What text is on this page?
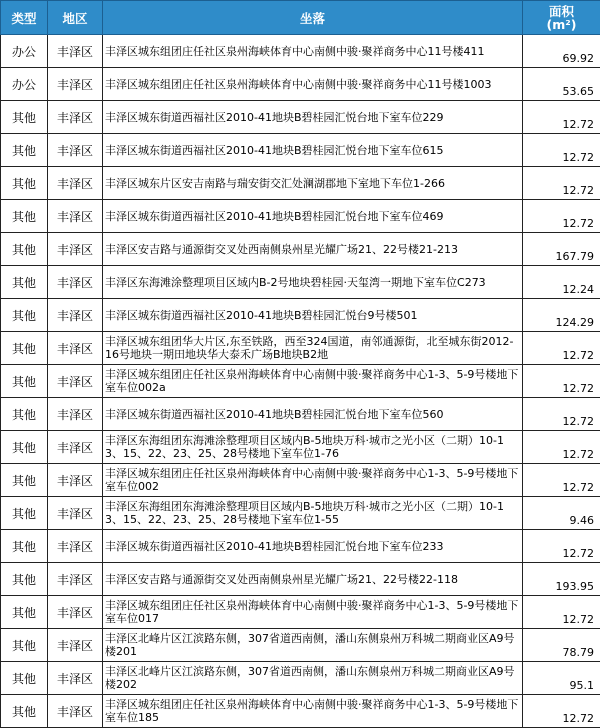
类型	地区	坐落	面积
(m²)
办公	丰泽区	丰泽区城东组团庄任社区泉州海峡体育中心南侧中骏·聚祥商务中心11号楼411	69.92
办公	丰泽区	丰泽区城东组团庄任社区泉州海峡体育中心南侧中骏·聚祥商务中心11号楼1003	53.65
其他	丰泽区	丰泽区城东街道西福社区2010-41地块B碧桂园汇悦台地下室车位229	12.72
其他	丰泽区	丰泽区城东街道西福社区2010-41地块B碧桂园汇悦台地下室车位615	12.72
其他	丰泽区	丰泽区城东片区安吉南路与瑞安街交汇处澜湖郡地下室地下车位1-266	12.72
其他	丰泽区	丰泽区城东街道西福社区2010-41地块B碧桂园汇悦台地下室车位469	12.72
其他	丰泽区	丰泽区安吉路与通源街交叉处西南侧泉州星光耀广场21、22号楼21-213	167.79
其他	丰泽区	丰泽区东海滩涂整理项目区域内B-2号地块碧桂园·天玺湾一期地下室车位C273	12.24
其他	丰泽区	丰泽区城东街道西福社区2010-41地块B碧桂园汇悦台9号楼501	124.29
其他	丰泽区	丰泽区城东组团华大片区,东至铁路，西至324国道，南邻通源街，北至城东街2012-16号地块一期田地块华大泰禾广场B地块B2地	12.72
其他	丰泽区	丰泽区城东组团庄任社区泉州海峡体育中心南侧中骏·聚祥商务中心1-3、5-9号楼地下室车位002a	12.72
其他	丰泽区	丰泽区城东街道西福社区2010-41地块B碧桂园汇悦台地下室车位560	12.72
其他	丰泽区	丰泽区东海组团东海滩涂整理项目区域内B-5地块万科·城市之光小区（二期）10-13、15、22、23、25、28号楼地下室车位1-76	12.72
其他	丰泽区	丰泽区城东组团庄任社区泉州海峡体育中心南侧中骏·聚祥商务中心1-3、5-9号楼地下室车位002	12.72
其他	丰泽区	丰泽区东海组团东海滩涂整理项目区域内B-5地块万科·城市之光小区（二期）10-13、15、22、23、25、28号楼地下室车位1-55	9.46
其他	丰泽区	丰泽区城东街道西福社区2010-41地块B碧桂园汇悦台地下室车位233	12.72
其他	丰泽区	丰泽区安吉路与通源街交叉处西南侧泉州星光耀广场21、22号楼22-118	193.95
其他	丰泽区	丰泽区城东组团庄任社区泉州海峡体育中心南侧中骏·聚祥商务中心1-3、5-9号楼地下室车位017	12.72
其他	丰泽区	丰泽区北峰片区江滨路东侧，307省道西南侧，潘山东侧泉州万科城二期商业区A9号楼201	78.79
其他	丰泽区	丰泽区北峰片区江滨路东侧，307省道西南侧，潘山东侧泉州万科城二期商业区A9号楼202	95.1
其他	丰泽区	丰泽区城东组团庄任社区泉州海峡体育中心南侧中骏·聚祥商务中心1-3、5-9号楼地下室车位185	12.72
